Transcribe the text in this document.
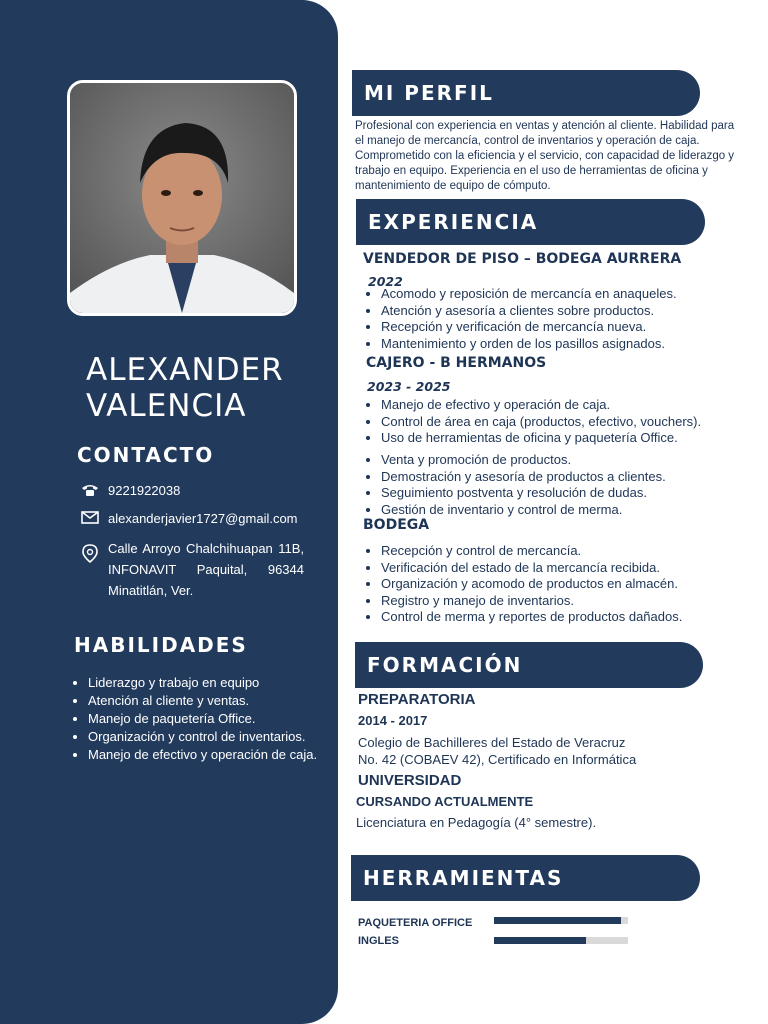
ALEXANDER
VALENCIA
CONTACTO
9221922038
alexanderjavier1727@gmail.com
Calle Arroyo Chalchihuapan 11B, INFONAVIT Paquital, 96344 Minatitlán, Ver.
HABILIDADES
• Liderazgo y trabajo en equipo
• Atención al cliente y ventas.
• Manejo de paquetería Office.
• Organización y control de inventarios.
• Manejo de efectivo y operación de caja.
MI PERFIL

Profesional con experiencia en ventas y atención al cliente. Habilidad para el manejo de mercancía, control de inventarios y operación de caja. Comprometido con la eficiencia y el servicio, con capacidad de liderazgo y trabajo en equipo. Experiencia en el uso de herramientas de oficina y mantenimiento de equipo de cómputo.

EXPERIENCIA
VENDEDOR DE PISO – BODEGA AURRERA
2022
• Acomodo y reposición de mercancía en anaqueles.
• Atención y asesoría a clientes sobre productos.
• Recepción y verificación de mercancía nueva.
• Mantenimiento y orden de los pasillos asignados.
CAJERO - B HERMANOS
2023 - 2025
• Manejo de efectivo y operación de caja.
• Control de área en caja (productos, efectivo, vouchers).
• Uso de herramientas de oficina y paquetería Office.
• Venta y promoción de productos.
• Demostración y asesoría de productos a clientes.
• Seguimiento postventa y resolución de dudas.
• Gestión de inventario y control de merma.
BODEGA
• Recepción y control de mercancía.
• Verificación del estado de la mercancía recibida.
• Organización y acomodo de productos en almacén.
• Registro y manejo de inventarios.
• Control de merma y reportes de productos dañados.
FORMACIÓN
PREPARATORIA
2014 - 2017
Colegio de Bachilleres del Estado de Veracruz
No. 42 (COBAEV 42), Certificado en Informática
UNIVERSIDAD
CURSANDO ACTUALMENTE
Licenciatura en Pedagogía (4° semestre).
HERRAMIENTAS
PAQUETERIA OFFICE
INGLES
